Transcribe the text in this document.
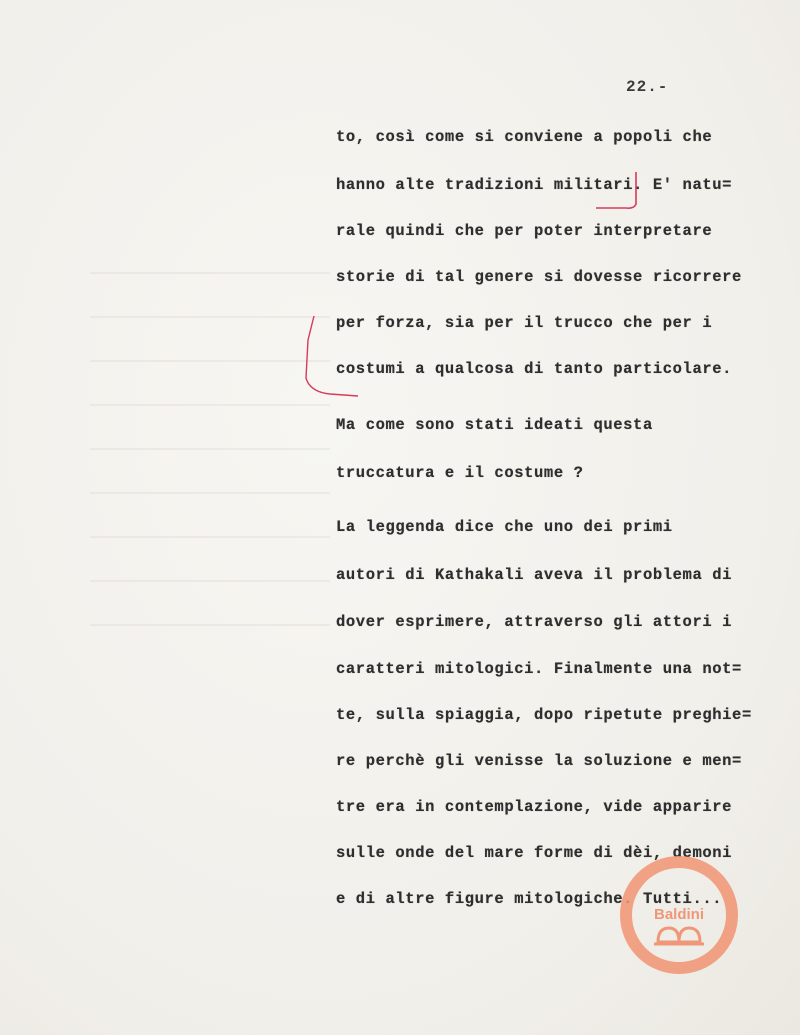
22.-
to, così come si conviene a popoli che
hanno alte tradizioni militari. E' natu=
rale quindi che per poter interpretare
storie di tal genere si dovesse ricorrere
per forza, sia per il trucco che per i
costumi a qualcosa di tanto particolare.
Ma come sono stati ideati questa
truccatura e il costume ?
La leggenda dice che uno dei primi
autori di Kathakali aveva il problema di
dover esprimere, attraverso gli attori i
caratteri mitologici. Finalmente una not=
te, sulla spiaggia, dopo ripetute preghie=
re perchè gli venisse la soluzione e men=
tre era in contemplazione, vide apparire
sulle onde del mare forme di dèi, demoni
e di altre figure mitologiche. Tutti...
Baldini
